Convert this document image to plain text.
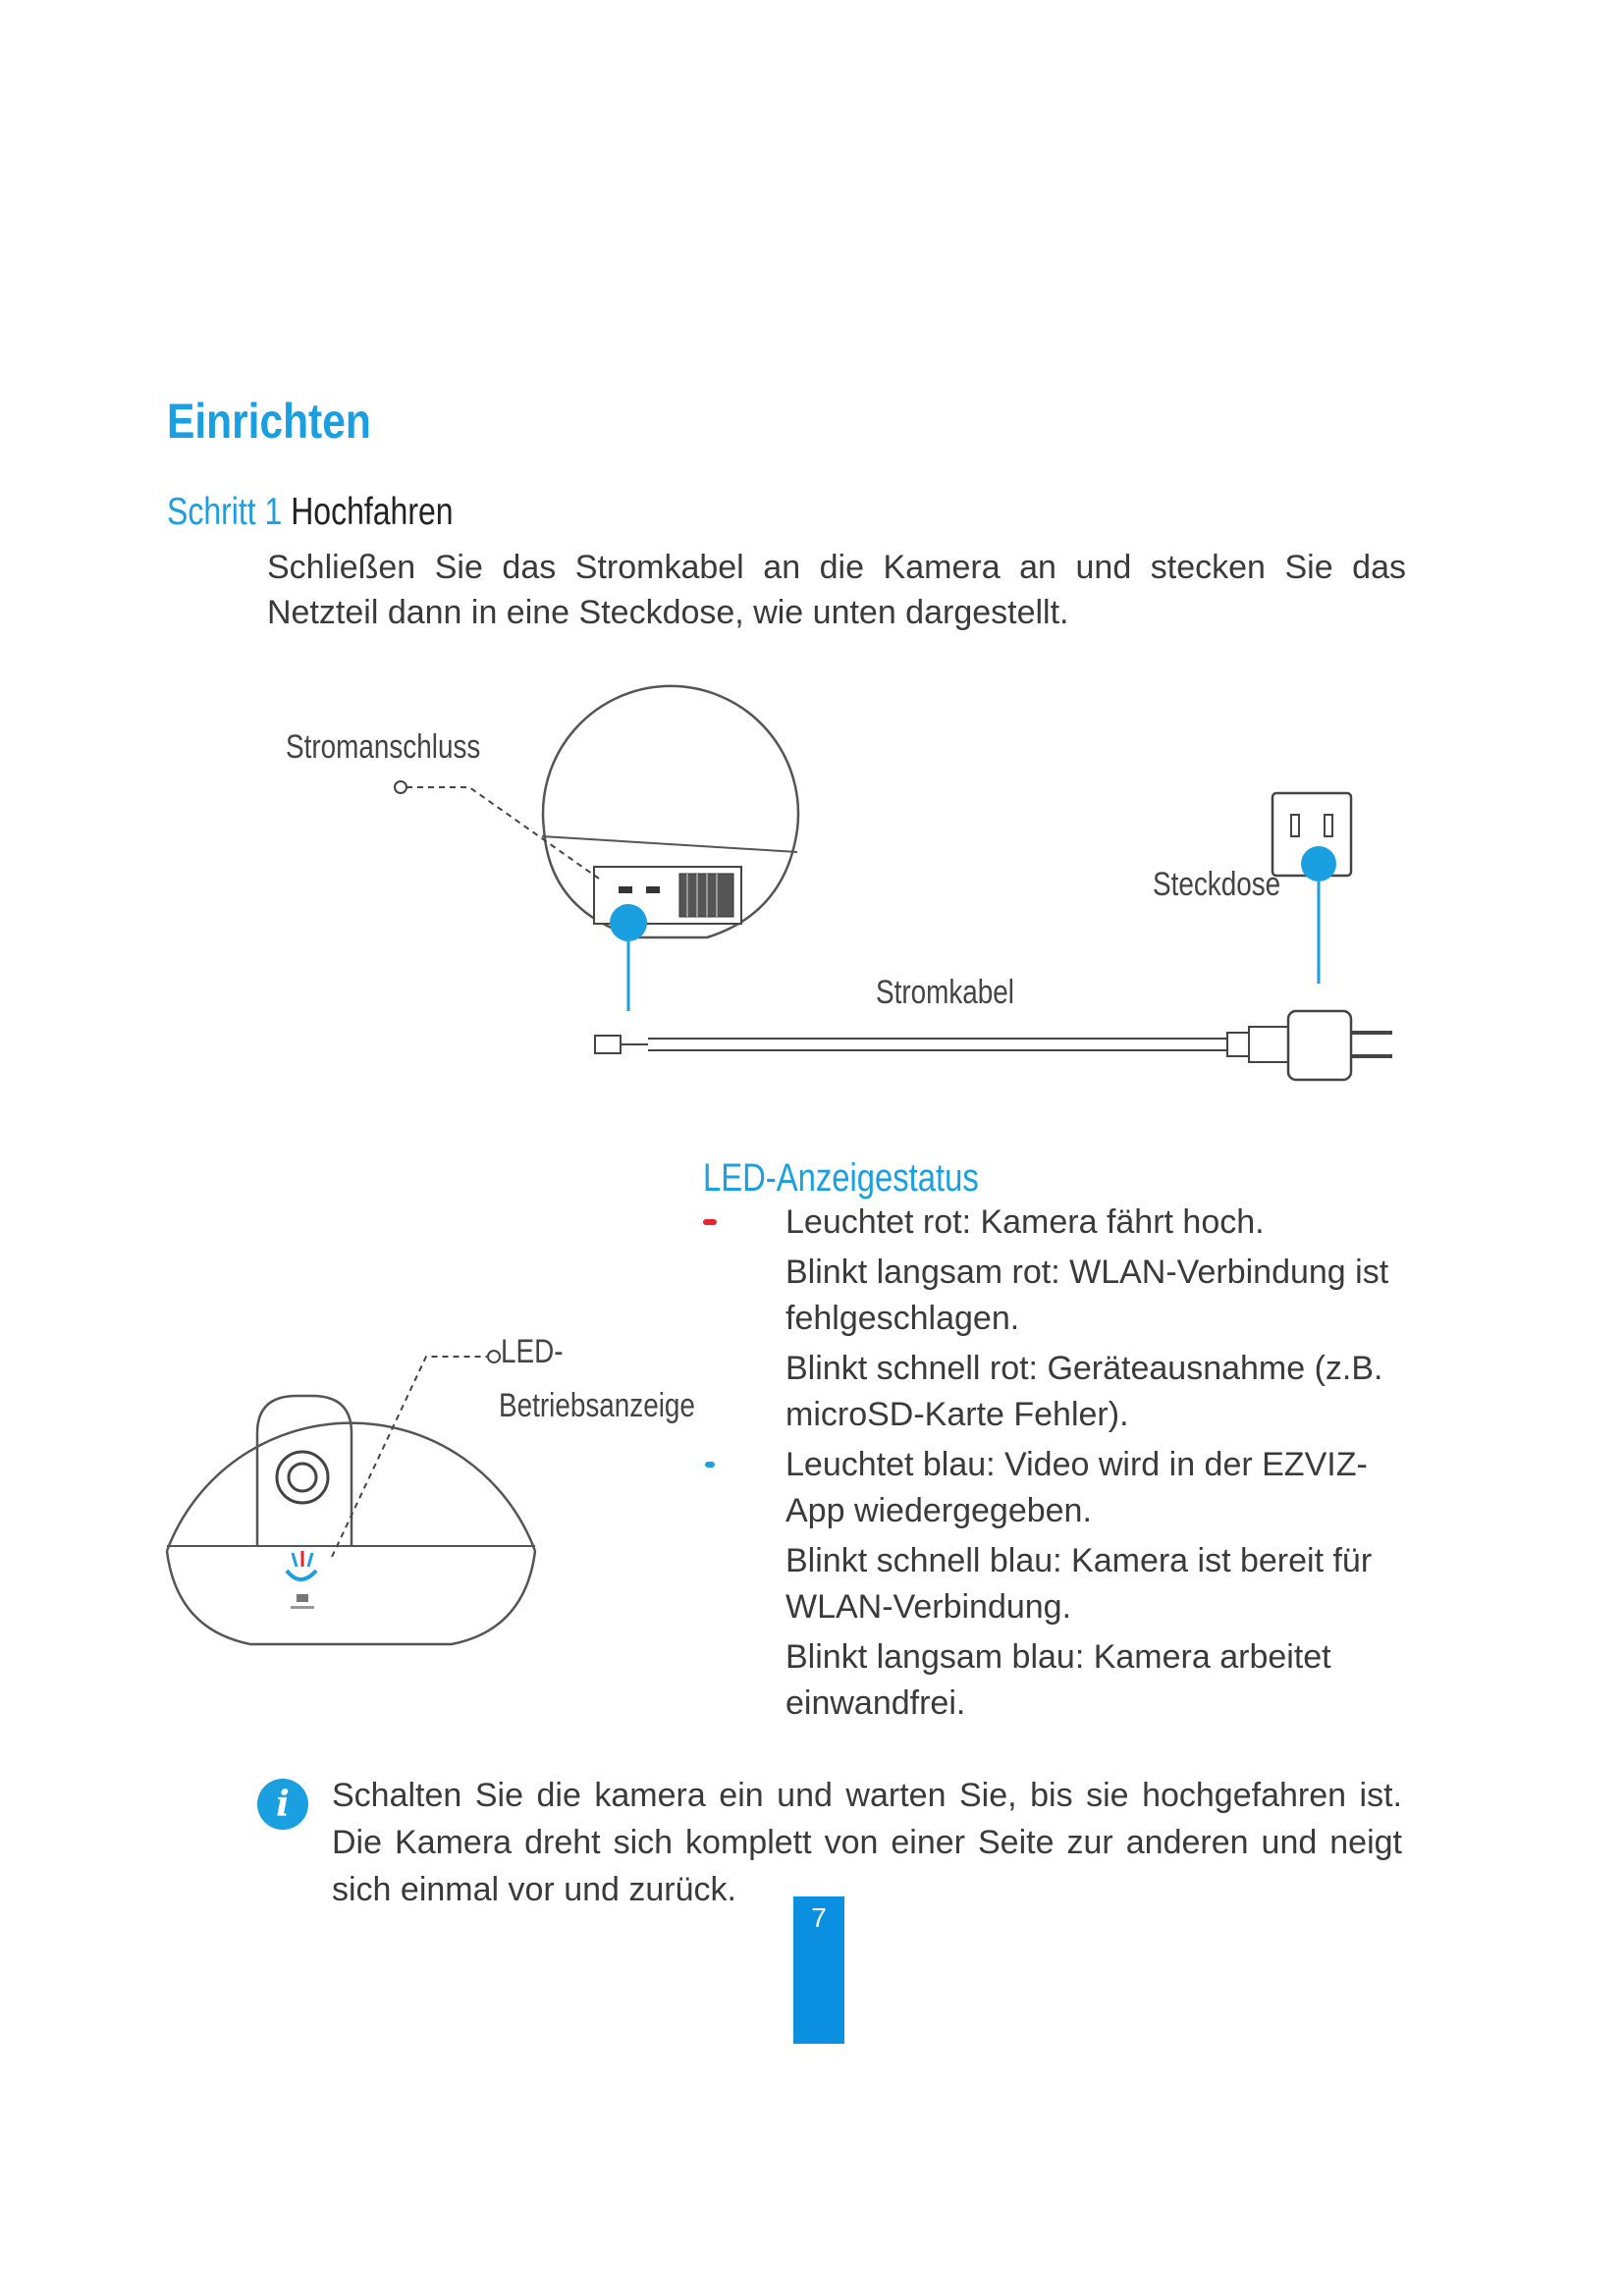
Einrichten
Schritt 1 Hochfahren
Schließen Sie das Stromkabel an die Kamera an und stecken Sie das Netzteil dann in eine Steckdose, wie unten dargestellt.
Stromanschluss
Steckdose
Stromkabel
LED-
Betriebsanzeige
LED-Anzeigestatus
Leuchtet rot: Kamera fährt hoch.
Blinkt langsam rot: WLAN-Verbindung ist fehlgeschlagen.
Blinkt schnell rot: Geräteausnahme (z.B. microSD-Karte Fehler).
Leuchtet blau: Video wird in der EZVIZ-App wiedergegeben.
Blinkt schnell blau: Kamera ist bereit für WLAN-Verbindung.
Blinkt langsam blau: Kamera arbeitet einwandfrei.
i	Schalten Sie die kamera ein und warten Sie, bis sie hochgefahren ist. Die Kamera dreht sich komplett von einer Seite zur anderen und neigt sich einmal vor und zurück.
7
